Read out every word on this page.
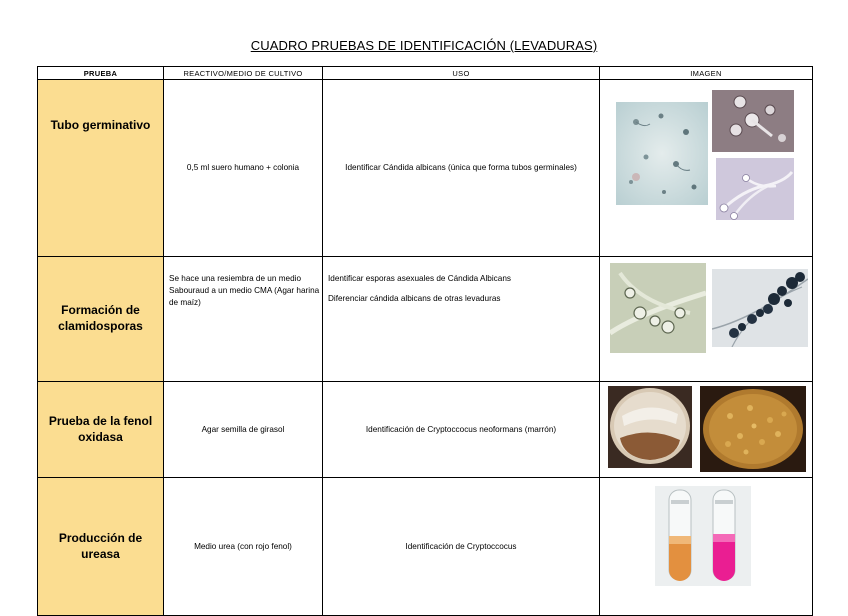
CUADRO PRUEBAS DE IDENTIFICACIÓN (LEVADURAS)
PRUEBA	REACTIVO/MEDIO DE CULTIVO	USO	IMAGEN
Tubo germinativo	0,5 ml suero humano + colonia	Identificar Cándida albicans (única que forma tubos germinales)	

Formación de clamidosporas	Se hace una resiembra de un medio Sabouraud a un medio CMA (Agar harina de maíz)	Identificar esporas asexuales de Cándida Albicans
Diferenciar cándida albicans de otras levaduras	

Prueba de la fenol oxidasa	Agar semilla de girasol	Identificación de Cryptoccocus neoformans (marrón)	

Producción de ureasa	Medio urea (con rojo fenol)	Identificación de Cryptoccocus	
